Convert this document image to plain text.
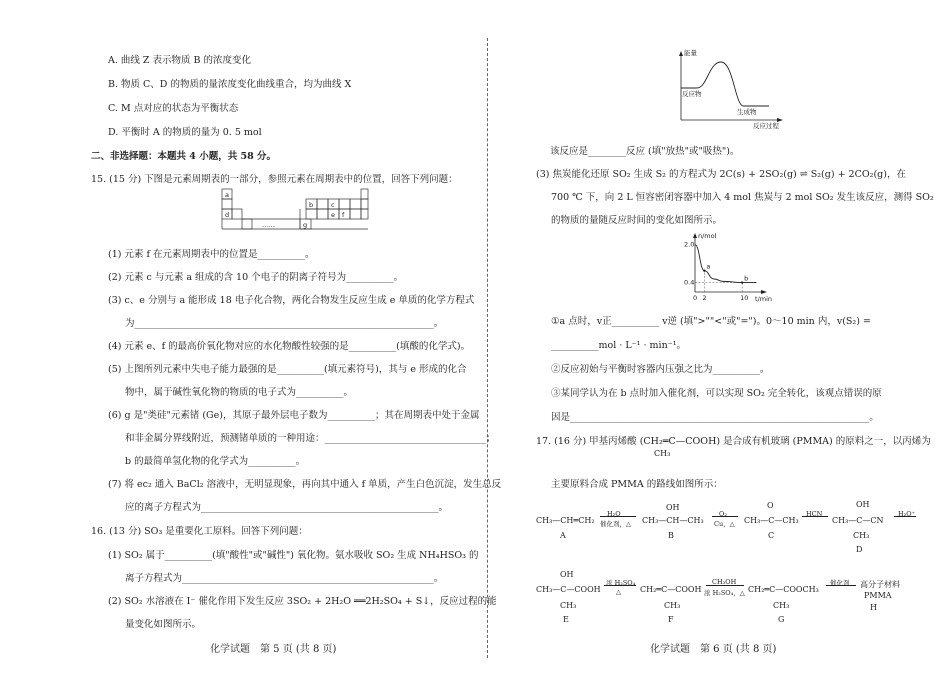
A. 曲线 Z 表示物质 B 的浓度变化
B. 物质 C、D 的物质的量浓度变化曲线重合，均为曲线 X
C. M 点对应的状态为平衡状态
D. 平衡时 A 的物质的量为 0. 5 mol
二、非选择题：本题共 4 小题，共 58 分。
15. (15 分) 下图是元素周期表的一部分，参照元素在周期表中的位置，回答下列问题：
a
b	c
d	e f
g
……
(1) 元素 f 在元素周期表中的位置是__________。
(2) 元素 c 与元素 a 组成的含 10 个电子的阴离子符号为__________。
(3) c、e 分别与 a 能形成 18 电子化合物，两化合物发生反应生成 e 单质的化学方程式
为_______________________________________________________________。
(4) 元素 e、f 的最高价氧化物对应的水化物酸性较强的是__________(填酸的化学式)。
(5) 上图所列元素中失电子能力最强的是__________(填元素符号)，其与 e 形成的化合
物中，属于碱性氧化物的物质的电子式为__________。
(6) g 是"类硅"元素锗 (Ge)，其原子最外层电子数为__________；其在周期表中处于金属
和非金属分界线附近，预测锗单质的一种用途：__________________________________；
b 的最简单氢化物的化学式为__________。
(7) 将 ec₂ 通入 BaCl₂ 溶液中，无明显现象，再向其中通入 f 单质，产生白色沉淀，发生总反
应的离子方程式为__________________________________________________。
16. (13 分) SO₃ 是重要化工原料。回答下列问题：
(1) SO₂ 属于__________(填"酸性"或"碱性") 氧化物。氨水吸收 SO₂ 生成 NH₄HSO₃ 的
离子方程式为_____________________________________________________。
(2) SO₂ 水溶液在 I⁻ 催化作用下发生反应 3SO₂ + 2H₂O ══2H₂SO₄ + S↓，反应过程的能
量变化如图所示。
化学试题　第 5 页 (共 8 页)
能量
反应物
生成物
反应过程
该反应是________反应 (填"放热"或"吸热")。
(3) 焦炭能化还原 SO₂ 生成 S₂ 的方程式为 2C(s) + 2SO₂(g) ⇌ S₂(g) + 2CO₂(g)，在
700 ℃ 下，向 2 L 恒容密闭容器中加入 4 mol 焦炭与 2 mol SO₂ 发生该反应，测得 SO₂
的物质的量随反应时间的变化如图所示。
n/mol
t/min
2.0
0.4
0 2	10
a
b
①a 点时，v正__________ v逆 (填">""<"或"=")。0～10 min 内，v(S₂) =
__________mol · L⁻¹ · min⁻¹。
②反应初始与平衡时容器内压强之比为__________。
③某同学认为在 b 点时加入催化剂，可以实现 SO₂ 完全转化，该观点错误的原
因是_______________________________________________________________。
17. (16 分) 甲基丙烯酸 (CH₂═C—COOH) 是合成有机玻璃 (PMMA) 的原料之一，以丙烯为
CH₃
主要原料合成 PMMA 的路线如图所示：
CH₃—CH═CH₂
A
H₂O
催化剂，△
OH
CH₃—CH—CH₃
B
O₂
Cu，△
O
CH₃—C—CH₃
C
HCN
OH
CH₃—C—CN
CH₃
D
H₂O⁺
OH
CH₃—C—COOH
CH₃
E
浓 H₂SO₄
△ CH₂═C—COOH
CH₃
F
CH₃OH
浓 H₂SO₄，△ CH₂═C—COOCH₃
CH₃
G
催化剂 高分子材料
PMMA
H
化学试题　第 6 页 (共 8 页)
